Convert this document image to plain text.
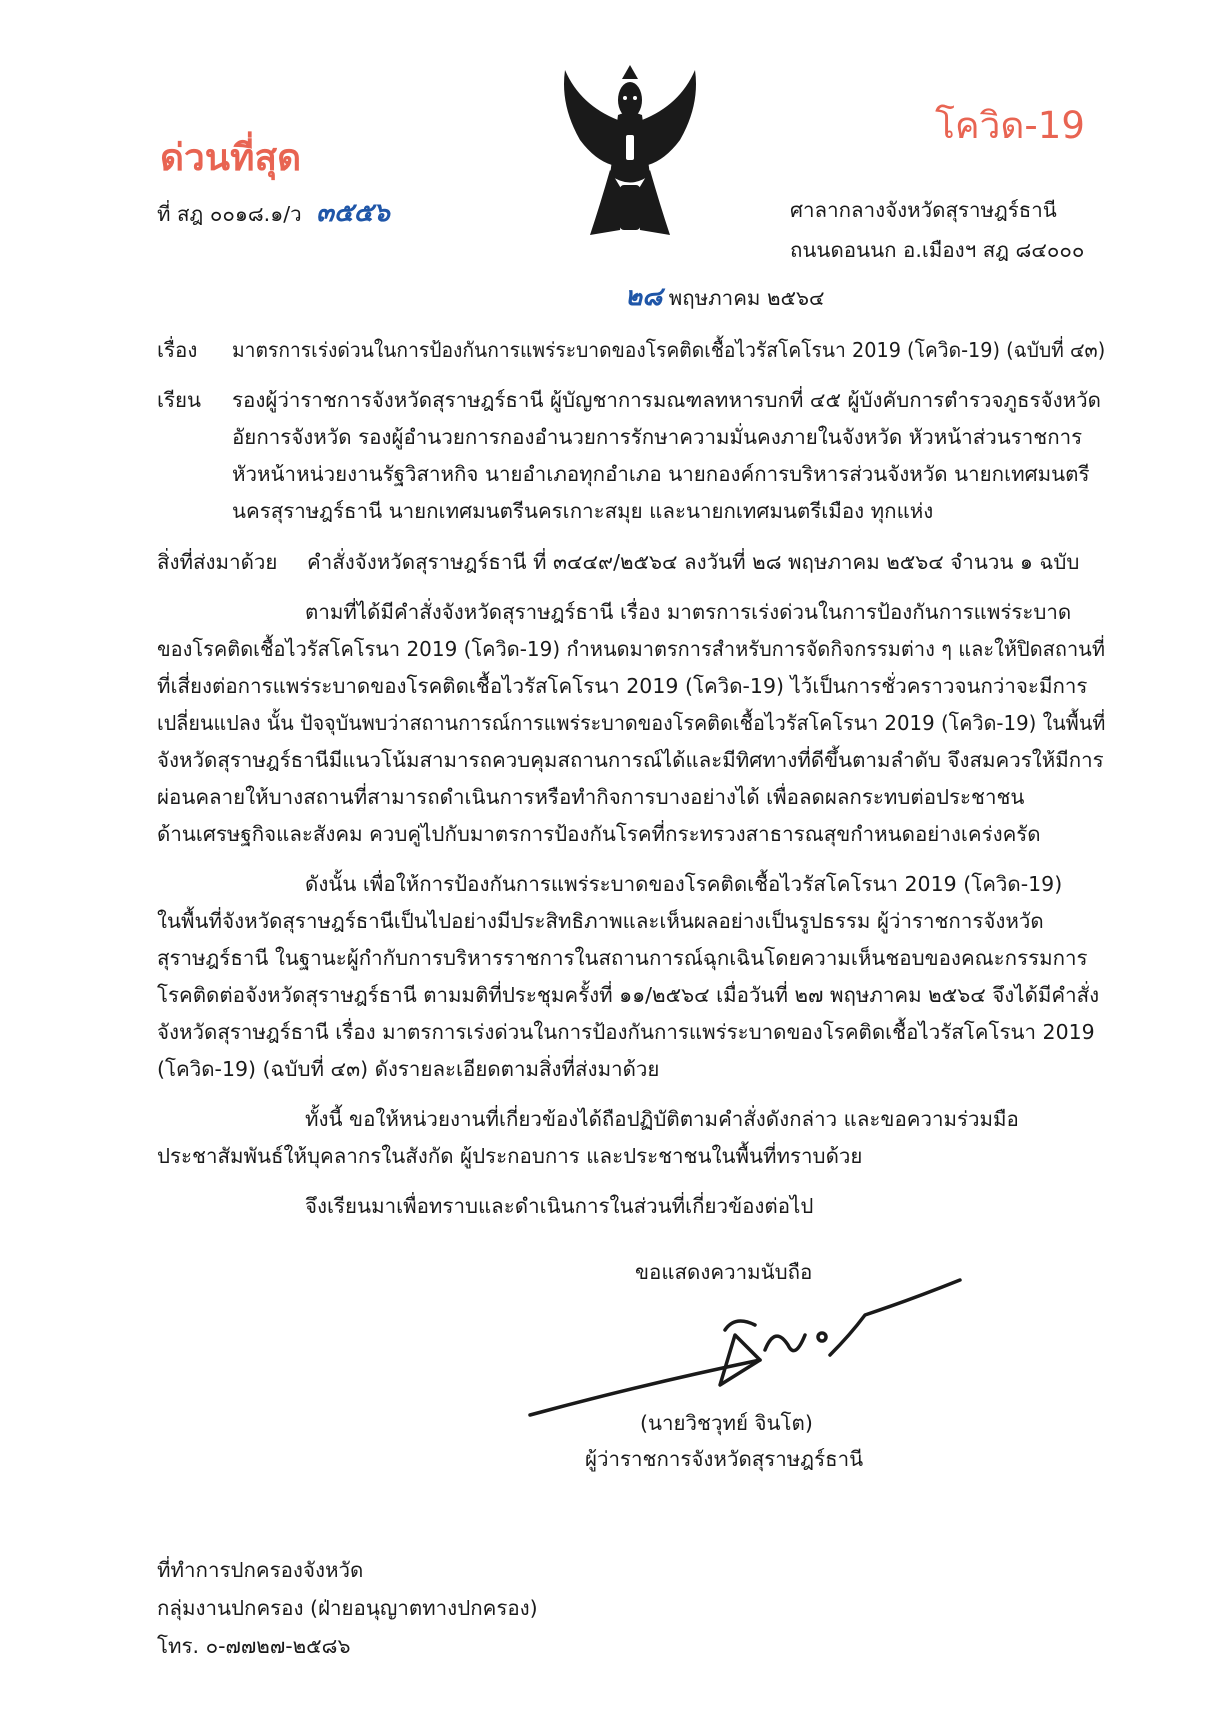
ด่วนที่สุด
โควิด-19
ที่ สฎ ๐๐๑๘.๑/ว ๓๕๕๖	ศาลากลางจังหวัดสุราษฎร์ธานี
ถนนดอนนก อ.เมืองฯ สฎ ๘๔๐๐๐
๒๘ พฤษภาคม ๒๕๖๔
เรื่อง มาตรการเร่งด่วนในการป้องกันการแพร่ระบาดของโรคติดเชื้อไวรัสโคโรนา 2019 (โควิด-19) (ฉบับที่ ๔๓)
เรียน รองผู้ว่าราชการจังหวัดสุราษฎร์ธานี ผู้บัญชาการมณฑลทหารบกที่ ๔๕ ผู้บังคับการตำรวจภูธรจังหวัด
อัยการจังหวัด รองผู้อำนวยการกองอำนวยการรักษาความมั่นคงภายในจังหวัด หัวหน้าส่วนราชการ
หัวหน้าหน่วยงานรัฐวิสาหกิจ นายอำเภอทุกอำเภอ นายกองค์การบริหารส่วนจังหวัด นายกเทศมนตรี
นครสุราษฎร์ธานี นายกเทศมนตรีนครเกาะสมุย และนายกเทศมนตรีเมือง ทุกแห่ง
สิ่งที่ส่งมาด้วย คำสั่งจังหวัดสุราษฎร์ธานี ที่ ๓๔๔๙/๒๕๖๔ ลงวันที่ ๒๘ พฤษภาคม ๒๕๖๔ จำนวน ๑ ฉบับ
ตามที่ได้มีคำสั่งจังหวัดสุราษฎร์ธานี เรื่อง มาตรการเร่งด่วนในการป้องกันการแพร่ระบาด
ของโรคติดเชื้อไวรัสโคโรนา 2019 (โควิด-19) กำหนดมาตรการสำหรับการจัดกิจกรรมต่าง ๆ และให้ปิดสถานที่
ที่เสี่ยงต่อการแพร่ระบาดของโรคติดเชื้อไวรัสโคโรนา 2019 (โควิด-19) ไว้เป็นการชั่วคราวจนกว่าจะมีการ
เปลี่ยนแปลง นั้น ปัจจุบันพบว่าสถานการณ์การแพร่ระบาดของโรคติดเชื้อไวรัสโคโรนา 2019 (โควิด-19) ในพื้นที่
จังหวัดสุราษฎร์ธานีมีแนวโน้มสามารถควบคุมสถานการณ์ได้และมีทิศทางที่ดีขึ้นตามลำดับ จึงสมควรให้มีการ
ผ่อนคลายให้บางสถานที่สามารถดำเนินการหรือทำกิจการบางอย่างได้ เพื่อลดผลกระทบต่อประชาชน
ด้านเศรษฐกิจและสังคม ควบคู่ไปกับมาตรการป้องกันโรคที่กระทรวงสาธารณสุขกำหนดอย่างเคร่งครัด
ดังนั้น เพื่อให้การป้องกันการแพร่ระบาดของโรคติดเชื้อไวรัสโคโรนา 2019 (โควิด-19)
ในพื้นที่จังหวัดสุราษฎร์ธานีเป็นไปอย่างมีประสิทธิภาพและเห็นผลอย่างเป็นรูปธรรม ผู้ว่าราชการจังหวัด
สุราษฎร์ธานี ในฐานะผู้กำกับการบริหารราชการในสถานการณ์ฉุกเฉินโดยความเห็นชอบของคณะกรรมการ
โรคติดต่อจังหวัดสุราษฎร์ธานี ตามมติที่ประชุมครั้งที่ ๑๑/๒๕๖๔ เมื่อวันที่ ๒๗ พฤษภาคม ๒๕๖๔ จึงได้มีคำสั่ง
จังหวัดสุราษฎร์ธานี เรื่อง มาตรการเร่งด่วนในการป้องกันการแพร่ระบาดของโรคติดเชื้อไวรัสโคโรนา 2019
(โควิด-19) (ฉบับที่ ๔๓) ดังรายละเอียดตามสิ่งที่ส่งมาด้วย
ทั้งนี้ ขอให้หน่วยงานที่เกี่ยวข้องได้ถือปฏิบัติตามคำสั่งดังกล่าว และขอความร่วมมือ
ประชาสัมพันธ์ให้บุคลากรในสังกัด ผู้ประกอบการ และประชาชนในพื้นที่ทราบด้วย
จึงเรียนมาเพื่อทราบและดำเนินการในส่วนที่เกี่ยวข้องต่อไป
ขอแสดงความนับถือ
(นายวิชวุทย์ จินโต)
ผู้ว่าราชการจังหวัดสุราษฎร์ธานี
ที่ทำการปกครองจังหวัด
กลุ่มงานปกครอง (ฝ่ายอนุญาตทางปกครอง)
โทร. ๐-๗๗๒๗-๒๕๘๖
